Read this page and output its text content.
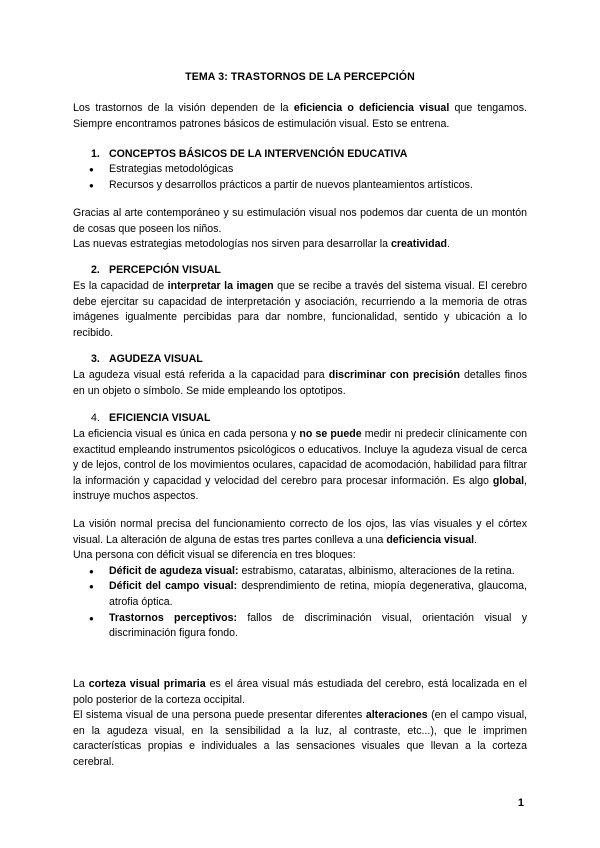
TEMA 3: TRASTORNOS DE LA PERCEPCIÓN

Los trastornos de la visión dependen de la eficiencia o deficiencia visual que tengamos. Siempre encontramos patrones básicos de estimulación visual. Esto se entrena.

1. CONCEPTOS BÁSICOS DE LA INTERVENCIÓN EDUCATIVA
● Estrategias metodológicas
● Recursos y desarrollos prácticos a partir de nuevos planteamientos artísticos.

Gracias al arte contemporáneo y su estimulación visual nos podemos dar cuenta de un montón de cosas que poseen los niños.

Las nuevas estrategias metodologías nos sirven para desarrollar la creatividad.

2. PERCEPCIÓN VISUAL

Es la capacidad de interpretar la imagen que se recibe a través del sistema visual. El cerebro debe ejercitar su capacidad de interpretación y asociación, recurriendo a la memoria de otras imágenes igualmente percibidas para dar nombre, funcionalidad, sentido y ubicación a lo recibido.

3. AGUDEZA VISUAL

La agudeza visual está referida a la capacidad para discriminar con precisión detalles finos en un objeto o símbolo. Se mide empleando los optotipos.

4. EFICIENCIA VISUAL

La eficiencia visual es única en cada persona y no se puede medir ni predecir clínicamente con exactitud empleando instrumentos psicológicos o educativos. Incluye la agudeza visual de cerca y de lejos, control de los movimientos oculares, capacidad de acomodación, habilidad para filtrar la información y capacidad y velocidad del cerebro para procesar información. Es algo global, instruye muchos aspectos.

La visión normal precisa del funcionamiento correcto de los ojos, las vías visuales y el córtex visual. La alteración de alguna de estas tres partes conlleva a una deficiencia visual.

Una persona con déficit visual se diferencia en tres bloques:

● Déficit de agudeza visual: estrabismo, cataratas, albinismo, alteraciones de la retina.
● Déficit del campo visual: desprendimiento de retina, miopía degenerativa, glaucoma, atrofia óptica.
● Trastornos perceptivos: fallos de discriminación visual, orientación visual y discriminación figura fondo.

La corteza visual primaria es el área visual más estudiada del cerebro, está localizada en el polo posterior de la corteza occipital.

El sistema visual de una persona puede presentar diferentes alteraciones (en el campo visual, en la agudeza visual, en la sensibilidad a la luz, al contraste, etc...), que le imprimen características propias e individuales a las sensaciones visuales que llevan a la corteza cerebral.

1
